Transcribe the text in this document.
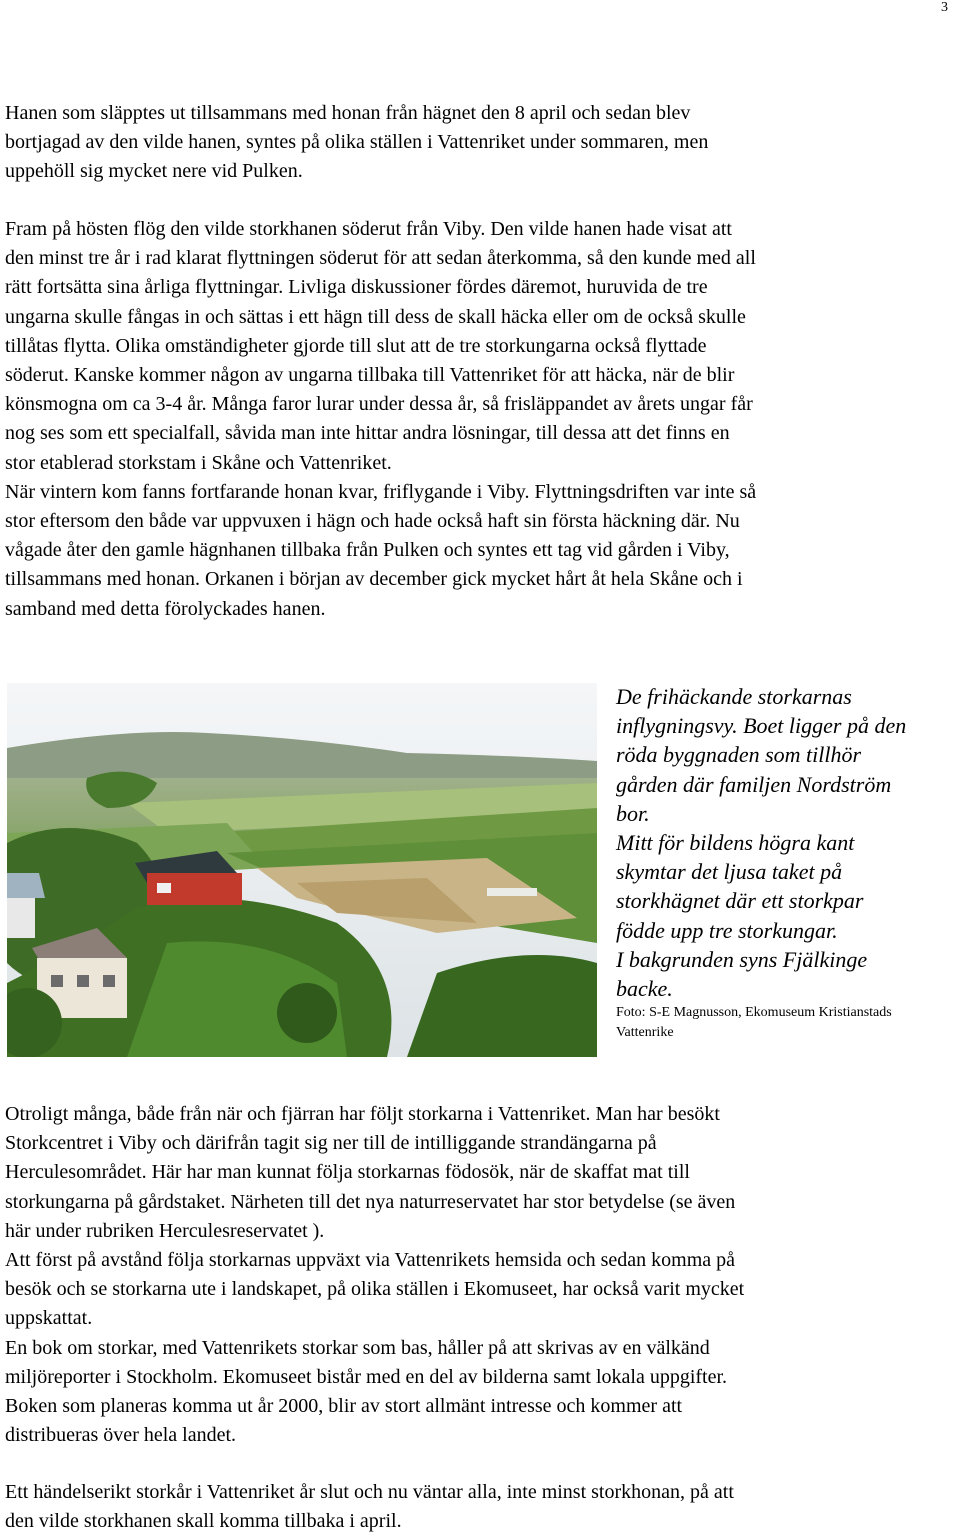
3

Hanen som släpptes ut tillsammans med honan från hägnet den 8 april och sedan blev
bortjagad av den vilde hanen, syntes på olika ställen i Vattenriket under sommaren, men
uppehöll sig mycket nere vid Pulken.

Fram på hösten flög den vilde storkhanen söderut från Viby. Den vilde hanen hade visat att
den minst tre år i rad klarat flyttningen söderut för att sedan återkomma, så den kunde med all
rätt fortsätta sina årliga flyttningar. Livliga diskussioner fördes däremot, huruvida de tre
ungarna skulle fångas in och sättas i ett hägn till dess de skall häcka eller om de också skulle
tillåtas flytta. Olika omständigheter gjorde till slut att de tre storkungarna också flyttade
söderut. Kanske kommer någon av ungarna tillbaka till Vattenriket för att häcka, när de blir
könsmogna om ca 3-4 år. Många faror lurar under dessa år, så frisläppandet av årets ungar får
nog ses som ett specialfall, såvida man inte hittar andra lösningar, till dessa att det finns en
stor etablerad storkstam i Skåne och Vattenriket.
När vintern kom fanns fortfarande honan kvar, friflygande i Viby. Flyttningsdriften var inte så
stor eftersom den både var uppvuxen i hägn och hade också haft sin första häckning där. Nu
vågade åter den gamle hägnhanen tillbaka från Pulken och syntes ett tag vid gården i Viby,
tillsammans med honan. Orkanen i början av december gick mycket hårt åt hela Skåne och i
samband med detta förolyckades hanen.

De frihäckande storkarnas
inflygningsvy. Boet ligger på den
röda byggnaden som tillhör
gården där familjen Nordström
bor.
Mitt för bildens högra kant
skymtar det ljusa taket på
storkhägnet där ett storkpar
födde upp tre storkungar.
I bakgrunden syns Fjälkinge
backe.
Foto: S-E Magnusson, Ekomuseum Kristianstads
Vattenrike

Otroligt många, både från när och fjärran har följt storkarna i Vattenriket. Man har besökt
Storkcentret i Viby och därifrån tagit sig ner till de intilliggande strandängarna på
Herculesområdet. Här har man kunnat följa storkarnas födosök, när de skaffat mat till
storkungarna på gårdstaket. Närheten till det nya naturreservatet har stor betydelse (se även
här under rubriken Herculesreservatet ).
Att först på avstånd följa storkarnas uppväxt via Vattenrikets hemsida och sedan komma på
besök och se storkarna ute i landskapet, på olika ställen i Ekomuseet, har också varit mycket
uppskattat.
En bok om storkar, med Vattenrikets storkar som bas, håller på att skrivas av en välkänd
miljöreporter i Stockholm. Ekomuseet bistår med en del av bilderna samt lokala uppgifter.
Boken som planeras komma ut år 2000, blir av stort allmänt intresse och kommer att
distribueras över hela landet.

Ett händelserikt storkår i Vattenriket år slut och nu väntar alla, inte minst storkhonan, på att
den vilde storkhanen skall komma tillbaka i april.
